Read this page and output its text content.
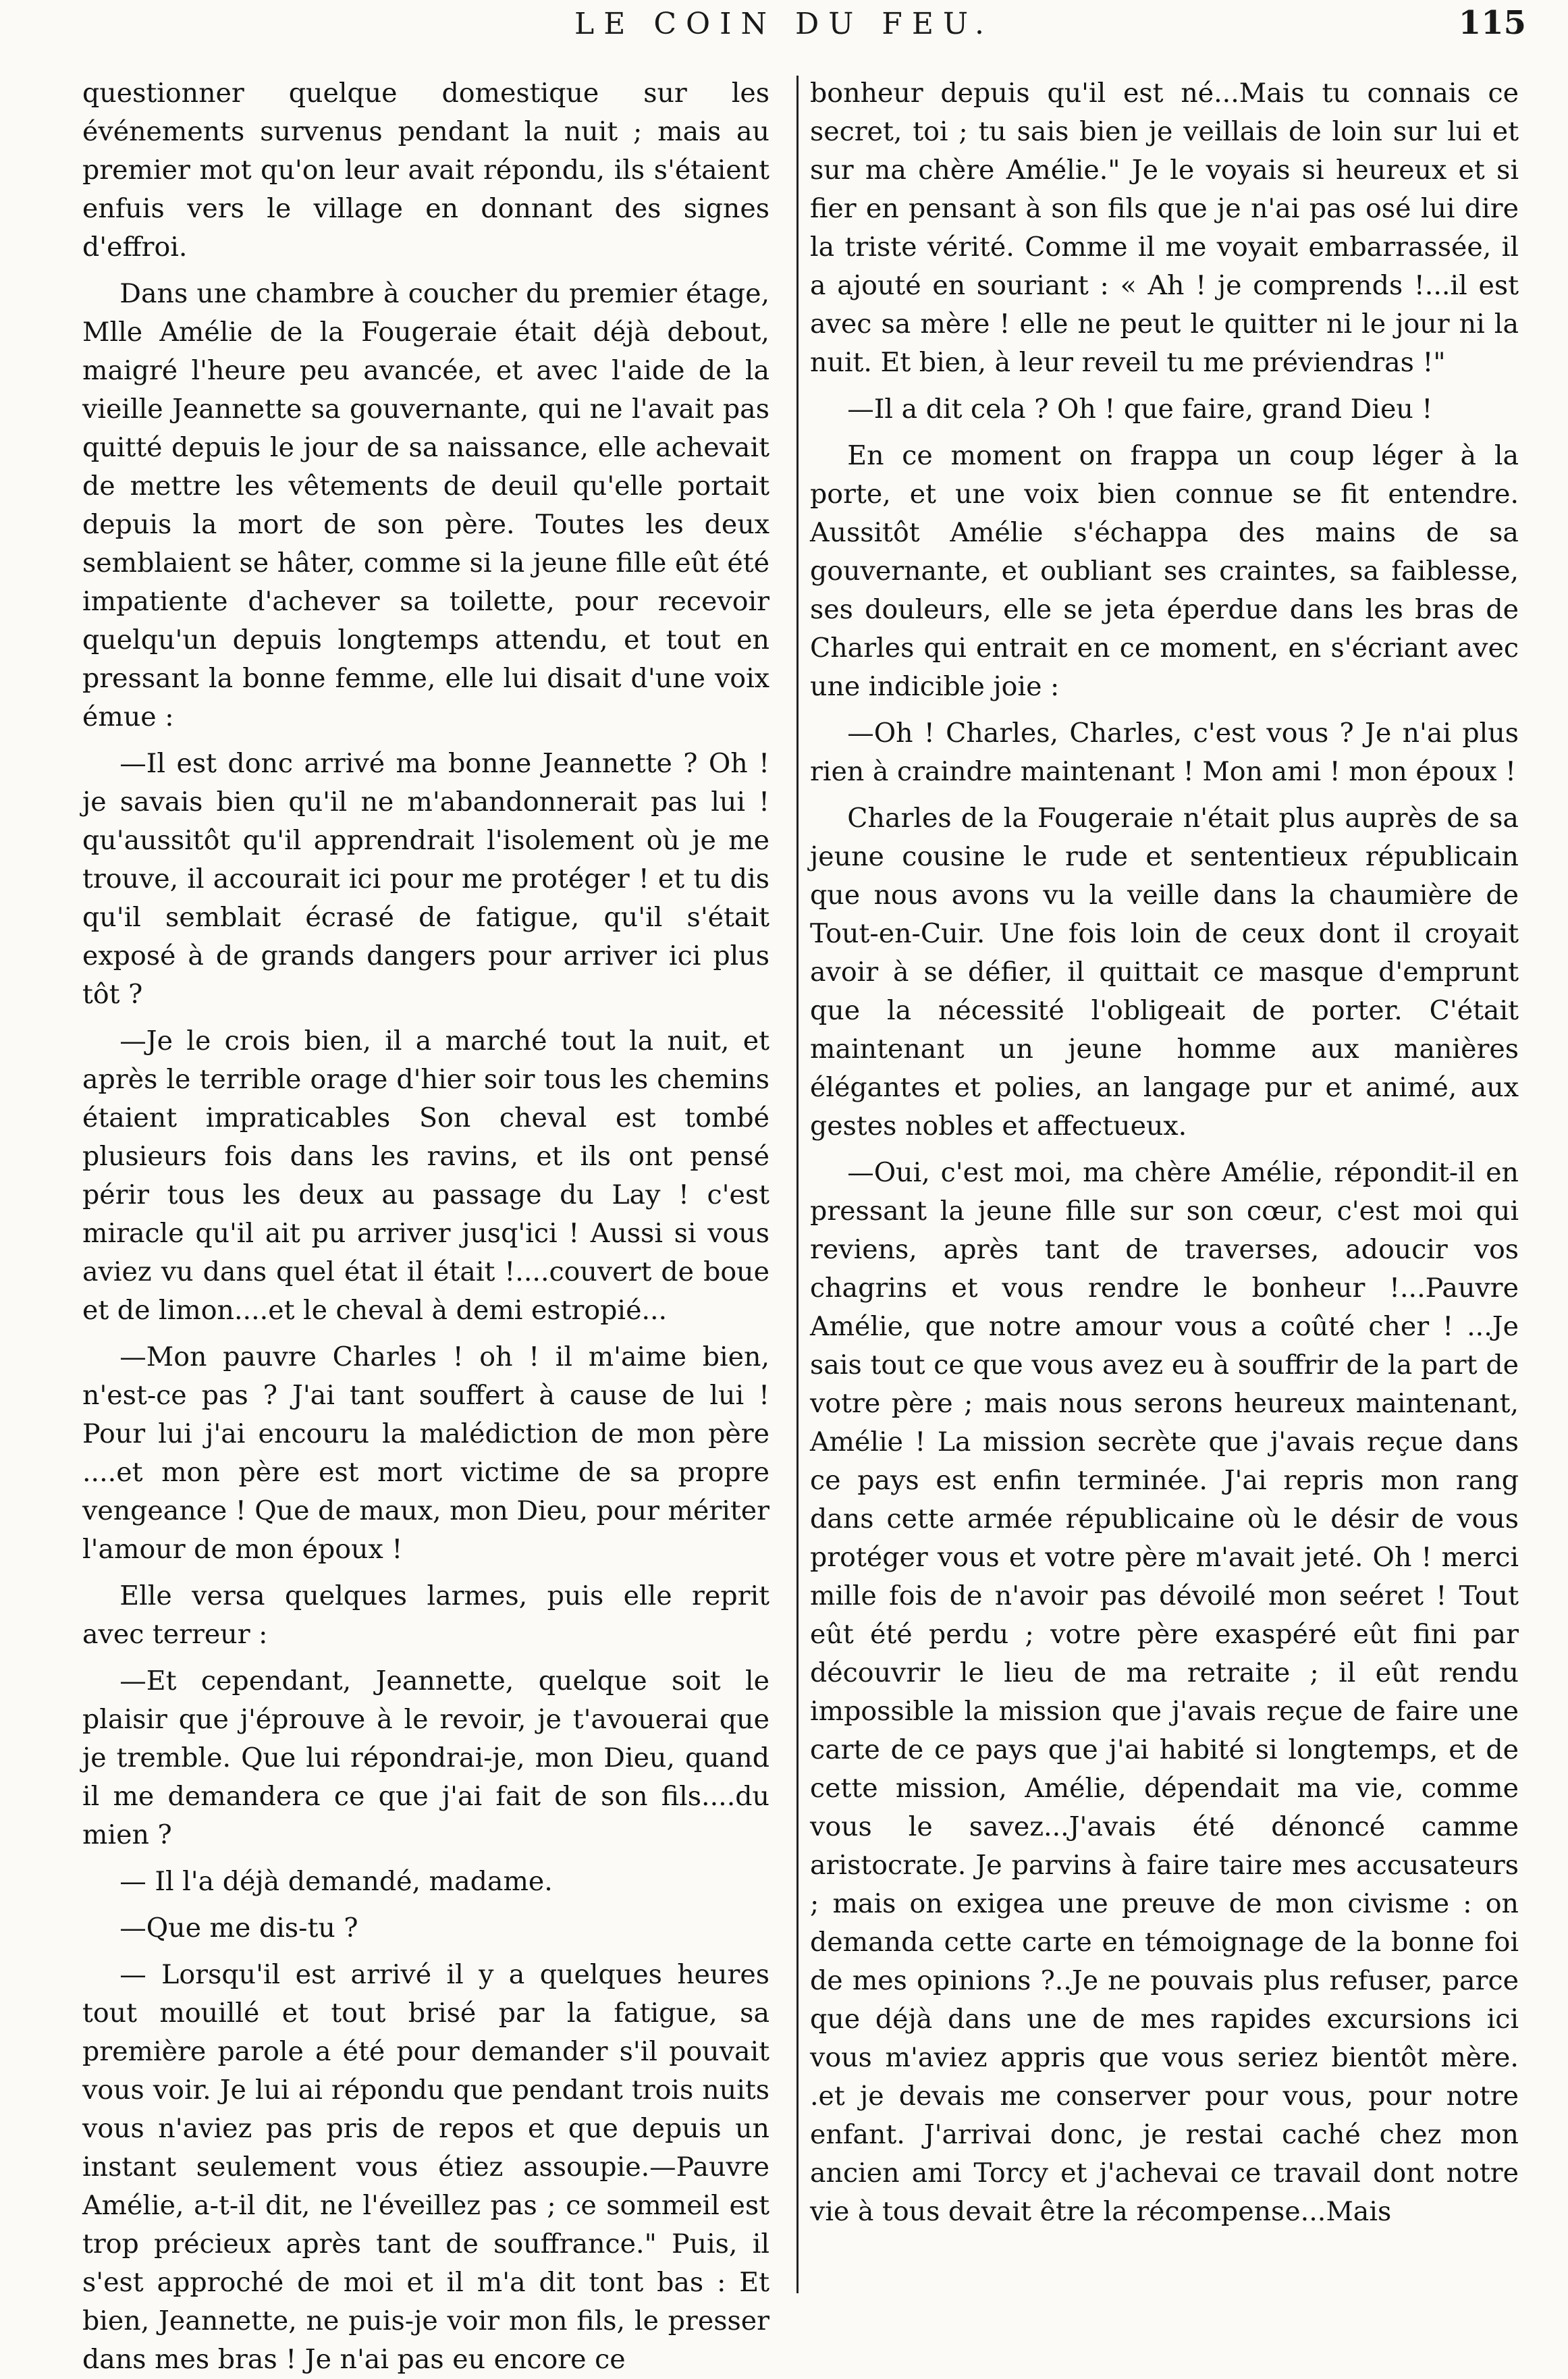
LE COIN DU FEU.	115

questionner quelque domestique sur les événements survenus pendant la nuit ; mais au premier mot qu'on leur avait répondu, ils s'étaient enfuis vers le village en donnant des signes d'effroi.

Dans une chambre à coucher du premier étage, Mlle Amélie de la Fougeraie était déjà debout, maigré l'heure peu avancée, et avec l'aide de la vieille Jeannette sa gouvernante, qui ne l'avait pas quitté depuis le jour de sa naissance, elle achevait de mettre les vêtements de deuil qu'elle portait depuis la mort de son père. Toutes les deux semblaient se hâter, comme si la jeune fille eût été impatiente d'achever sa toilette, pour recevoir quelqu'un depuis longtemps attendu, et tout en pressant la bonne femme, elle lui disait d'une voix émue :

—Il est donc arrivé ma bonne Jeannette ? Oh ! je savais bien qu'il ne m'abandonnerait pas lui ! qu'aussitôt qu'il apprendrait l'isolement où je me trouve, il accourait ici pour me protéger ! et tu dis qu'il semblait écrasé de fatigue, qu'il s'était exposé à de grands dangers pour arriver ici plus tôt ?

—Je le crois bien, il a marché tout la nuit, et après le terrible orage d'hier soir tous les chemins étaient impraticables Son cheval est tombé plusieurs fois dans les ravins, et ils ont pensé périr tous les deux au passage du Lay ! c'est miracle qu'il ait pu arriver jusq'ici ! Aussi si vous aviez vu dans quel état il était !....couvert de boue et de limon....et le cheval à demi estropié...

—Mon pauvre Charles ! oh ! il m'aime bien, n'est-ce pas ? J'ai tant souffert à cause de lui ! Pour lui j'ai encouru la malédiction de mon père ....et mon père est mort victime de sa propre vengeance ! Que de maux, mon Dieu, pour mériter l'amour de mon époux !

Elle versa quelques larmes, puis elle reprit avec terreur :

—Et cependant, Jeannette, quelque soit le plaisir que j'éprouve à le revoir, je t'avouerai que je tremble. Que lui répondrai-je, mon Dieu, quand il me demandera ce que j'ai fait de son fils....du mien ?

— Il l'a déjà demandé, madame.

—Que me dis-tu ?

— Lorsqu'il est arrivé il y a quelques heures tout mouillé et tout brisé par la fatigue, sa première parole a été pour demander s'il pouvait vous voir. Je lui ai répondu que pendant trois nuits vous n'aviez pas pris de repos et que depuis un instant seulement vous étiez assoupie.—Pauvre Amélie, a-t-il dit, ne l'éveillez pas ; ce sommeil est trop précieux après tant de souffrance." Puis, il s'est approché de moi et il m'a dit tont bas : Et bien, Jeannette, ne puis-je voir mon fils, le presser dans mes bras ! Je n'ai pas eu encore ce

bonheur depuis qu'il est né...Mais tu connais ce secret, toi ; tu sais bien je veillais de loin sur lui et sur ma chère Amélie." Je le voyais si heureux et si fier en pensant à son fils que je n'ai pas osé lui dire la triste vérité. Comme il me voyait embarrassée, il a ajouté en souriant : « Ah ! je comprends !...il est avec sa mère ! elle ne peut le quitter ni le jour ni la nuit. Et bien, à leur reveil tu me préviendras !"

—Il a dit cela ? Oh ! que faire, grand Dieu !

En ce moment on frappa un coup léger à la porte, et une voix bien connue se fit entendre. Aussitôt Amélie s'échappa des mains de sa gouvernante, et oubliant ses craintes, sa faiblesse, ses douleurs, elle se jeta éperdue dans les bras de Charles qui entrait en ce moment, en s'écriant avec une indicible joie :

—Oh ! Charles, Charles, c'est vous ? Je n'ai plus rien à craindre maintenant ! Mon ami ! mon époux !

Charles de la Fougeraie n'était plus auprès de sa jeune cousine le rude et sententieux républicain que nous avons vu la veille dans la chaumière de Tout-en-Cuir. Une fois loin de ceux dont il croyait avoir à se défier, il quittait ce masque d'emprunt que la nécessité l'obligeait de porter. C'était maintenant un jeune homme aux manières élégantes et polies, an langage pur et animé, aux gestes nobles et affectueux.

—Oui, c'est moi, ma chère Amélie, répondit-il en pressant la jeune fille sur son cœur, c'est moi qui reviens, après tant de traverses, adoucir vos chagrins et vous rendre le bonheur !...Pauvre Amélie, que notre amour vous a coûté cher ! ...Je sais tout ce que vous avez eu à souffrir de la part de votre père ; mais nous serons heureux maintenant, Amélie ! La mission secrète que j'avais reçue dans ce pays est enfin terminée. J'ai repris mon rang dans cette armée républicaine où le désir de vous protéger vous et votre père m'avait jeté. Oh ! merci mille fois de n'avoir pas dévoilé mon seéret ! Tout eût été perdu ; votre père exaspéré eût fini par découvrir le lieu de ma retraite ; il eût rendu impossible la mission que j'avais reçue de faire une carte de ce pays que j'ai habité si longtemps, et de cette mission, Amélie, dépendait ma vie, comme vous le savez...J'avais été dénoncé camme aristocrate. Je parvins à faire taire mes accusateurs ; mais on exigea une preuve de mon civisme : on demanda cette carte en témoignage de la bonne foi de mes opinions ?..Je ne pouvais plus refuser, parce que déjà dans une de mes rapides excursions ici vous m'aviez appris que vous seriez bientôt mère. .et je devais me conserver pour vous, pour notre enfant. J'arrivai donc, je restai caché chez mon ancien ami Torcy et j'achevai ce travail dont notre vie à tous devait être la récompense...Mais
